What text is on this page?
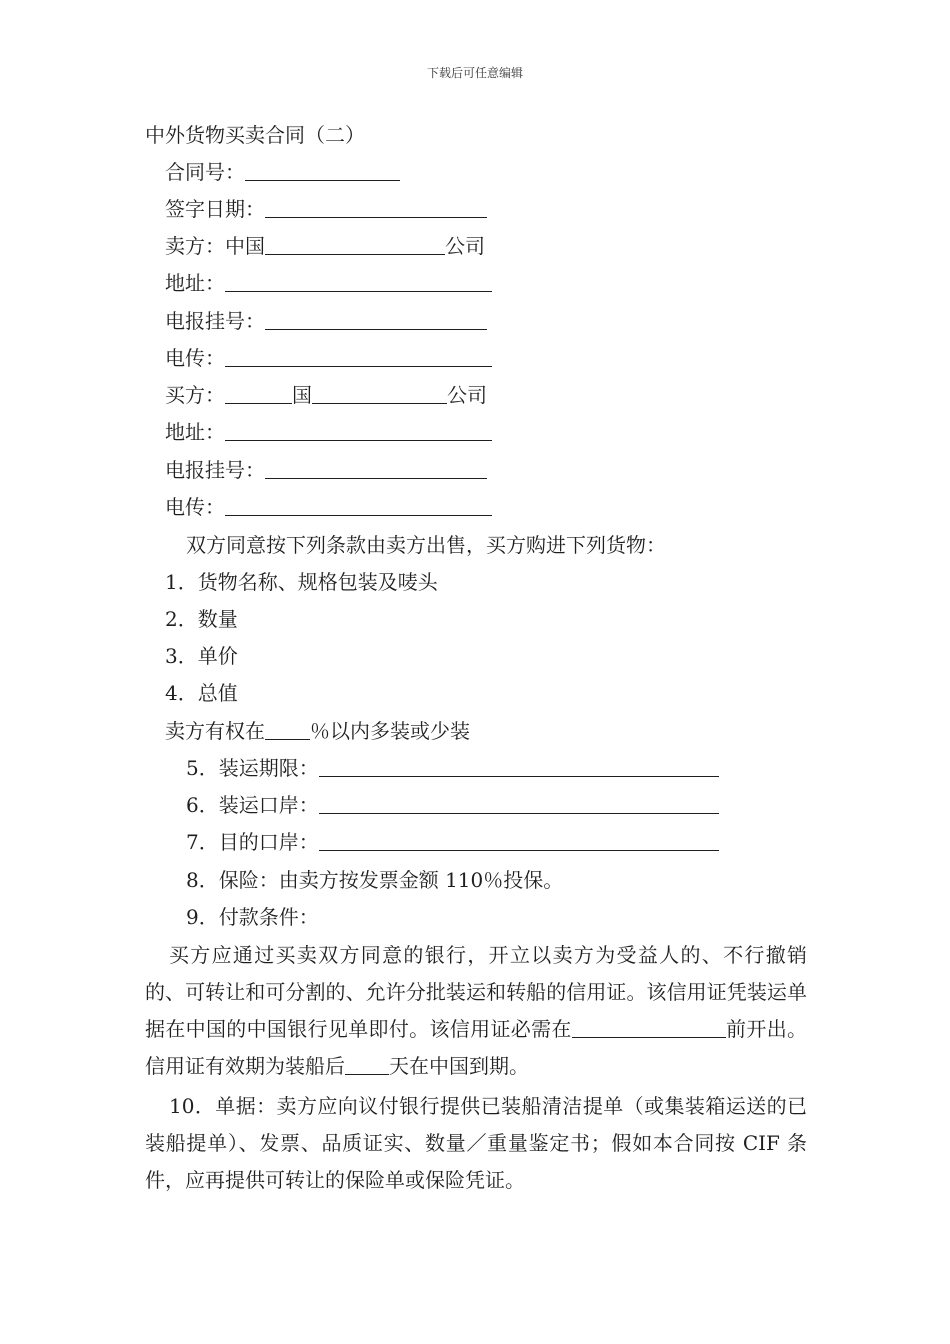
下载后可任意编辑
中外货物买卖合同（二）
合同号：
签字日期：
卖方：中国	公司
地址：
电报挂号：
电传：
买方：	国	公司
地址：
电报挂号：
电传：
双方同意按下列条款由卖方出售，买方购进下列货物：
1．货物名称、规格包装及唛头
2．数量
3．单价
4．总值
卖方有权在 ％以内多装或少装
5．装运期限：
6．装运口岸：
7．目的口岸：
8．保险：由卖方按发票金额 110％投保。
9．付款条件：
买方应通过买卖双方同意的银行，开立以卖方为受益人的、不行撤销的、可转让和可分割的、允许分批装运和转船的信用证。该信用证凭装运单据在中国的中国银行见单即付。该信用证必需在	前开出。信用证有效期为装船后 天在中国到期。
10．单据：卖方应向议付银行提供已装船清洁提单（或集装箱运送的已装船提单）、发票、品质证实、数量／重量鉴定书；假如本合同按 CIF 条件，应再提供可转让的保险单或保险凭证。
